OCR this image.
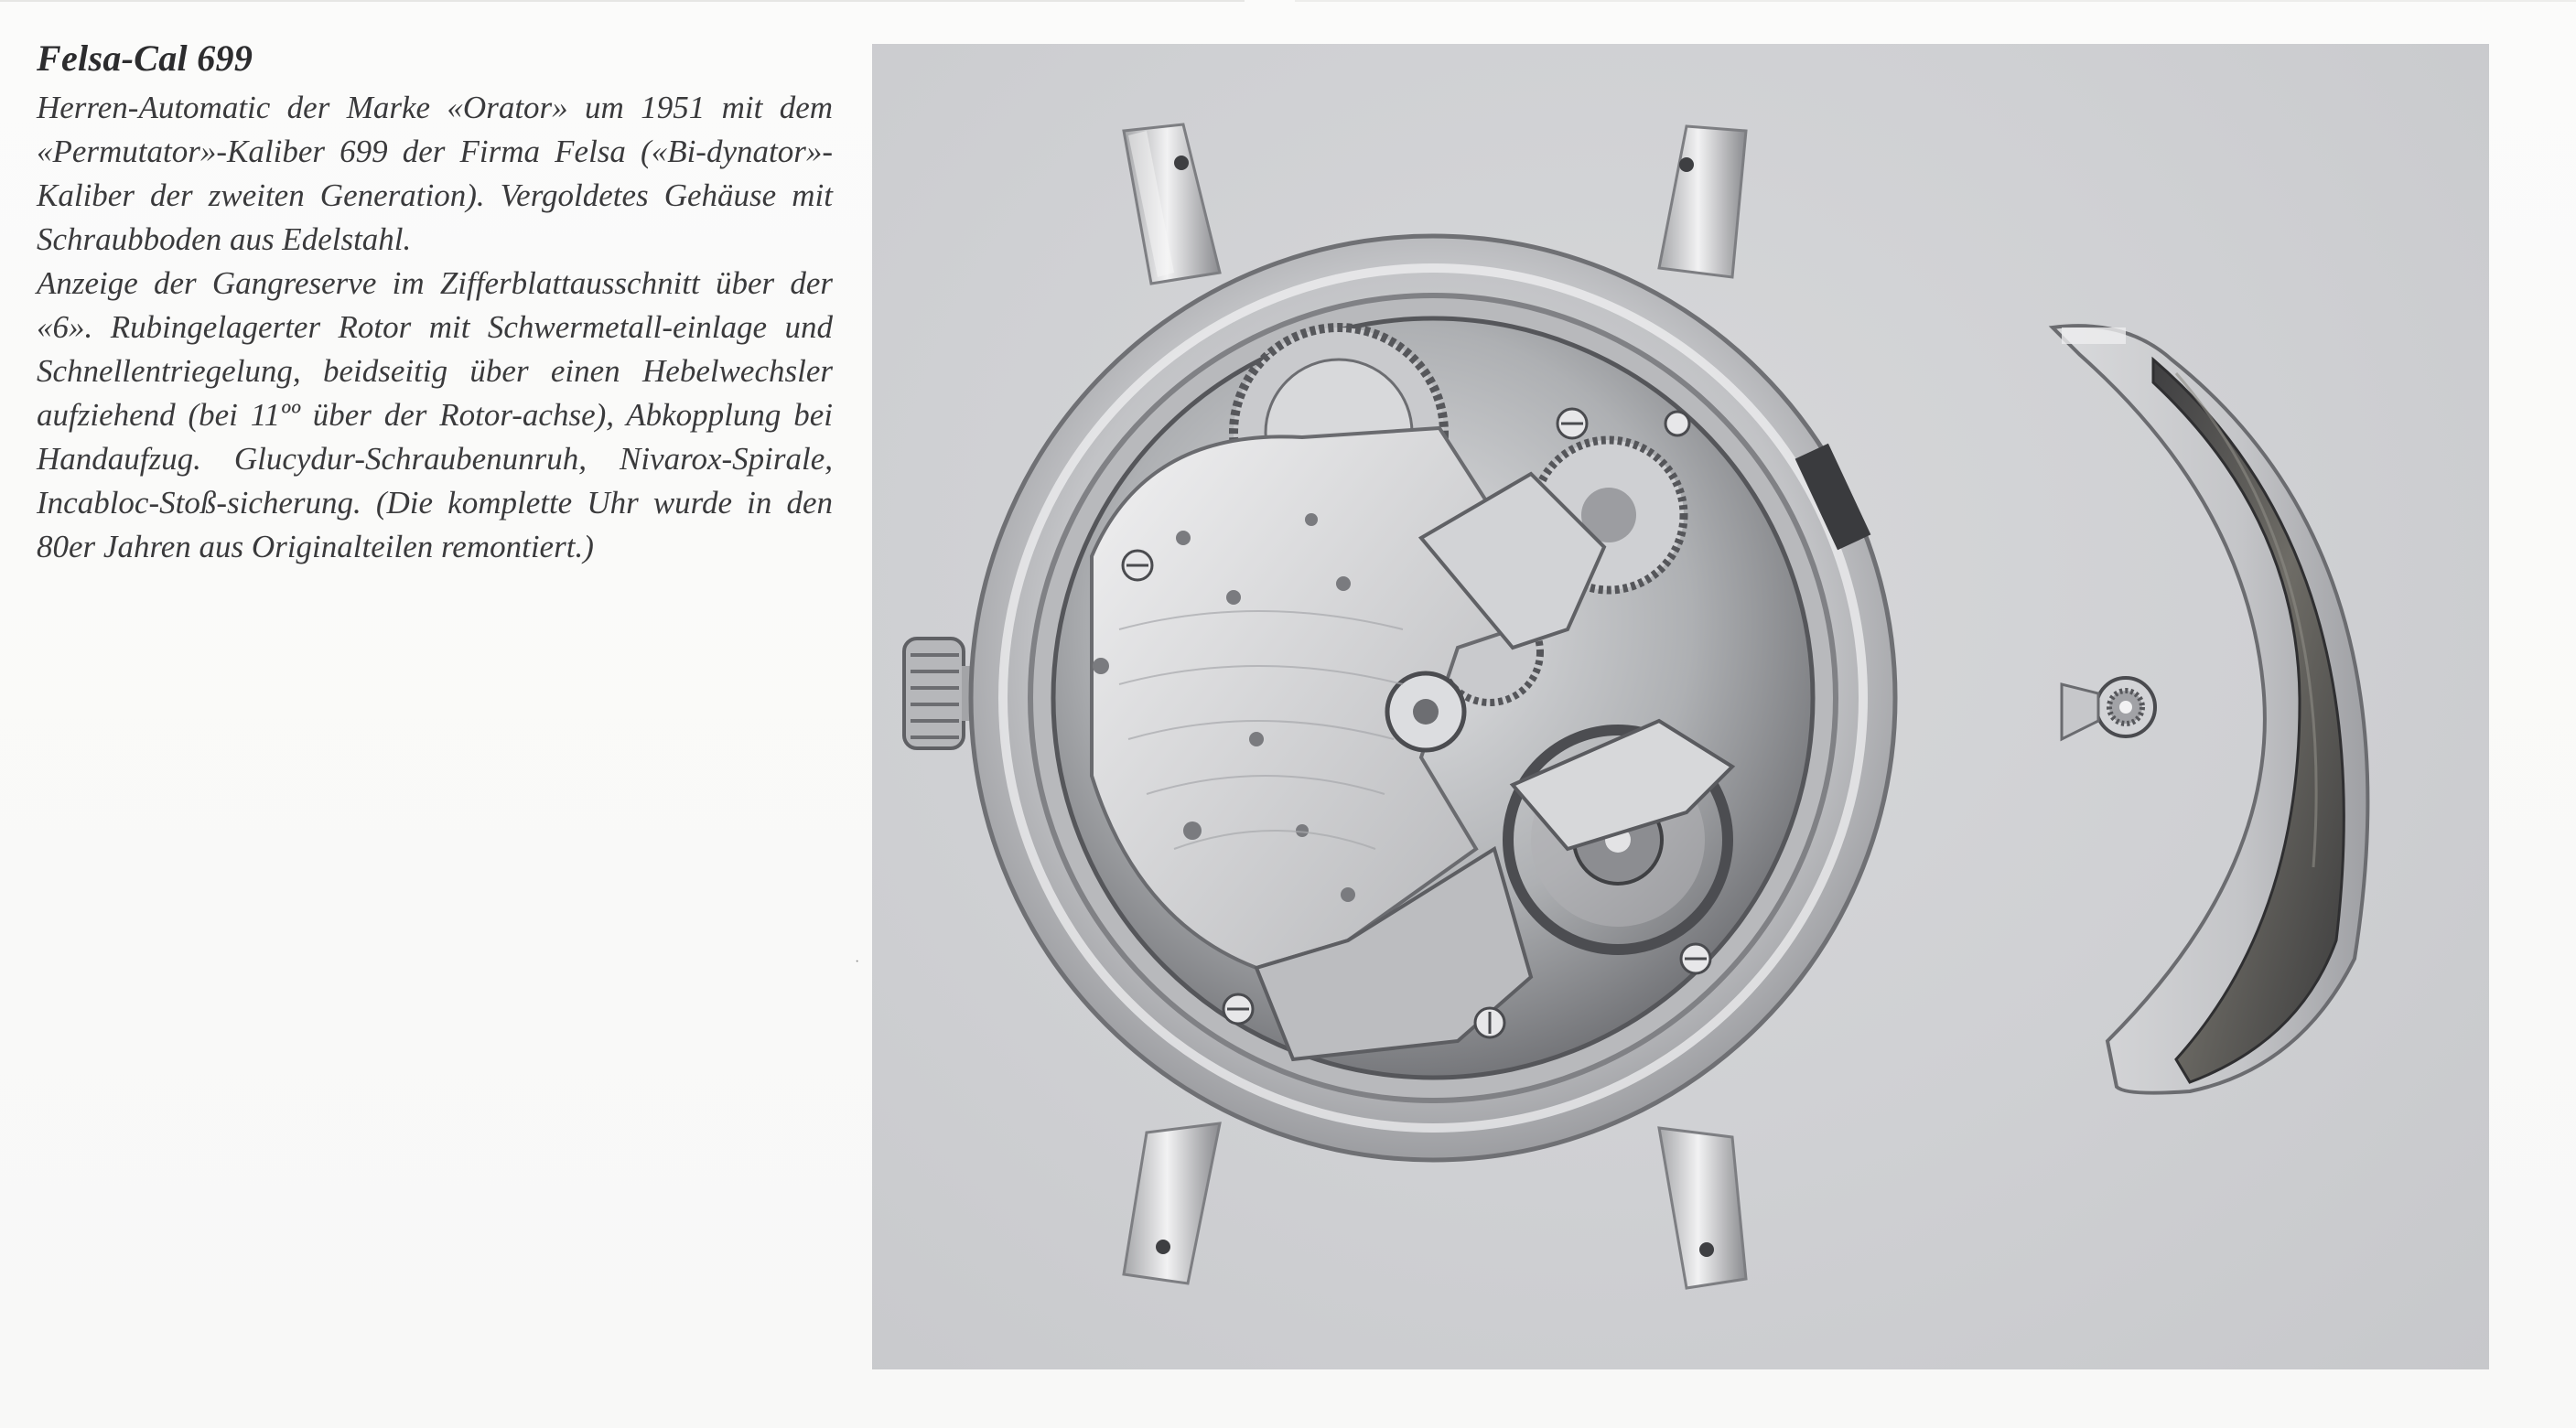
Felsa-Cal 699

Herren-Automatic der Marke «Orator» um 1951 mit dem «Permutator»-Kaliber 699 der Firma Felsa («Bi-dynator»-Kaliber der zweiten Generation). Vergoldetes Gehäuse mit Schraubboden aus Edelstahl.

Anzeige der Gangreserve im Zifferblattausschnitt über der «6». Rubingelagerter Rotor mit Schwermetall-einlage und Schnellentriegelung, beidseitig über einen Hebelwechsler aufziehend (bei 11ºº über der Rotor-achse), Abkopplung bei Handaufzug. Glucydur-Schraubenunruh, Nivarox-Spirale, Incabloc-Stoß-sicherung. (Die komplette Uhr wurde in den 80er Jahren aus Originalteilen remontiert.)

·
